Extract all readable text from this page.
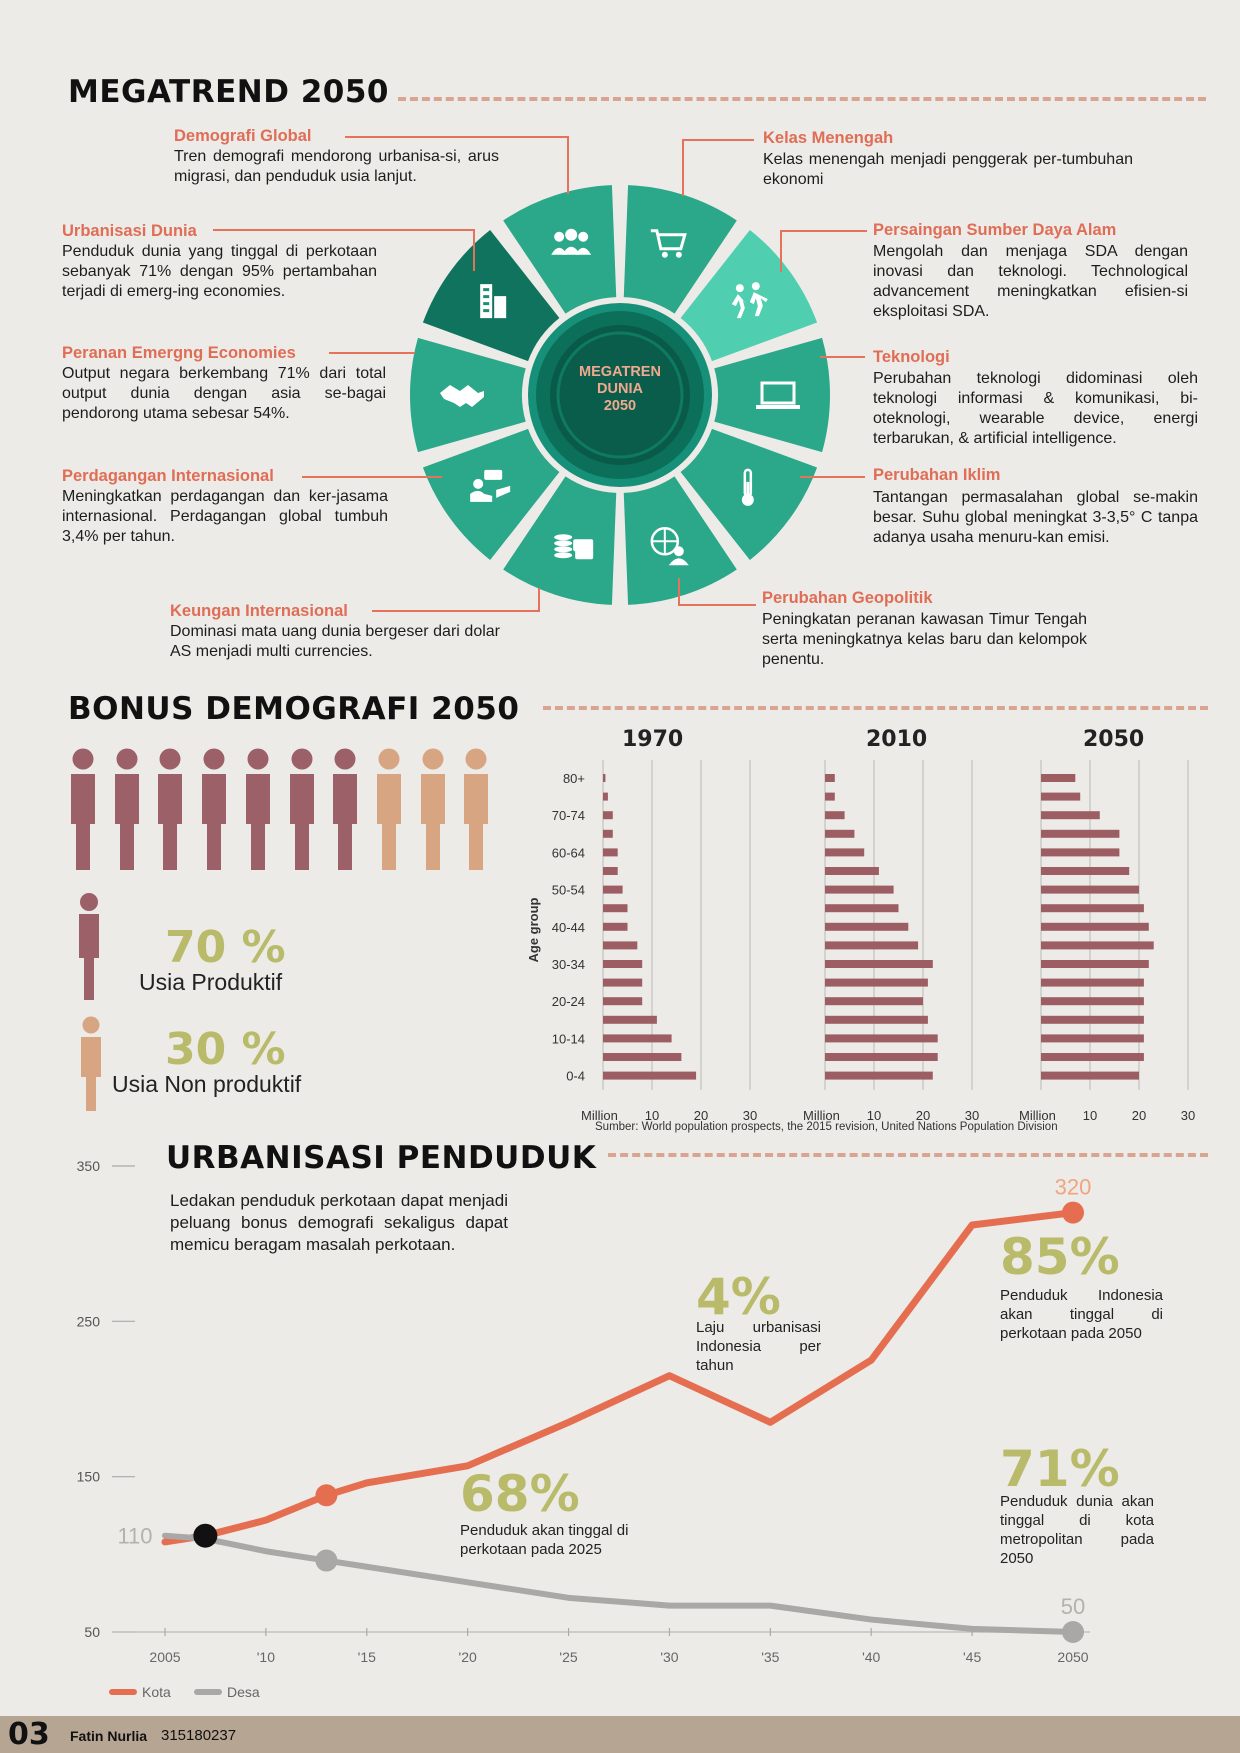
MEGATREND 2050
MEGATREN
DUNIA
2050
Demografi Global
Tren demografi mendorong urbanisa-si, arus migrasi, dan penduduk usia lanjut.
Urbanisasi Dunia
Penduduk dunia yang tinggal di perkotaan sebanyak 71% dengan 95% pertambahan terjadi di emerg-ing economies.
Peranan Emergng Economies
Output negara berkembang 71% dari total output dunia dengan asia se-bagai pendorong utama sebesar 54%.
Perdagangan Internasional
Meningkatkan perdagangan dan ker-jasama internasional. Perdagangan global tumbuh 3,4% per tahun.
Keungan Internasional
Dominasi mata uang dunia bergeser dari dolar AS menjadi multi currencies.
Kelas Menengah
Kelas menengah menjadi penggerak per-tumbuhan ekonomi
Persaingan Sumber Daya Alam
Mengolah dan menjaga SDA dengan inovasi dan teknologi. Technological advancement meningkatkan efisien-si eksploitasi SDA.
Teknologi
Perubahan teknologi didominasi oleh teknologi informasi & komunikasi, bi-oteknologi, wearable device, energi terbarukan, & artificial intelligence.
Perubahan Iklim
Tantangan permasalahan global se-makin besar. Suhu global meningkat 3-3,5° C tanpa adanya usaha menuru-kan emisi.
Perubahan Geopolitik
Peningkatan peranan kawasan Timur Tengah serta meningkatnya kelas baru dan kelompok penentu.
BONUS DEMOGRAFI 2050
70 %
Usia Produktif
30 %
Usia Non produktif
1970	2010	2050
Age group
80+
70-74
60-64
50-54
40-44
30-34
20-24
10-14
0-4
Million 10	20	30	Million 10	20	30	Million 10	20	30
Sumber: World population prospects, the 2015 revision, United Nations Population Division
URBANISASI PENDUDUK
Ledakan penduduk perkotaan dapat menjadi peluang bonus demografi sekaligus dapat memicu beragam masalah perkotaan.
50
150
250
350
2005	'10	'15	'20	'25	'30	'35	'40	'45	2050
110
320
50
Kota	Desa
4%
Laju urbanisasi Indonesia per tahun
85%
Penduduk Indonesia akan tinggal di perkotaan pada 2050
68%
Penduduk akan tinggal di perkotaan pada 2025
71%
Penduduk dunia akan tinggal di kota metropolitan pada 2050
03 Fatin Nurlia 315180237
